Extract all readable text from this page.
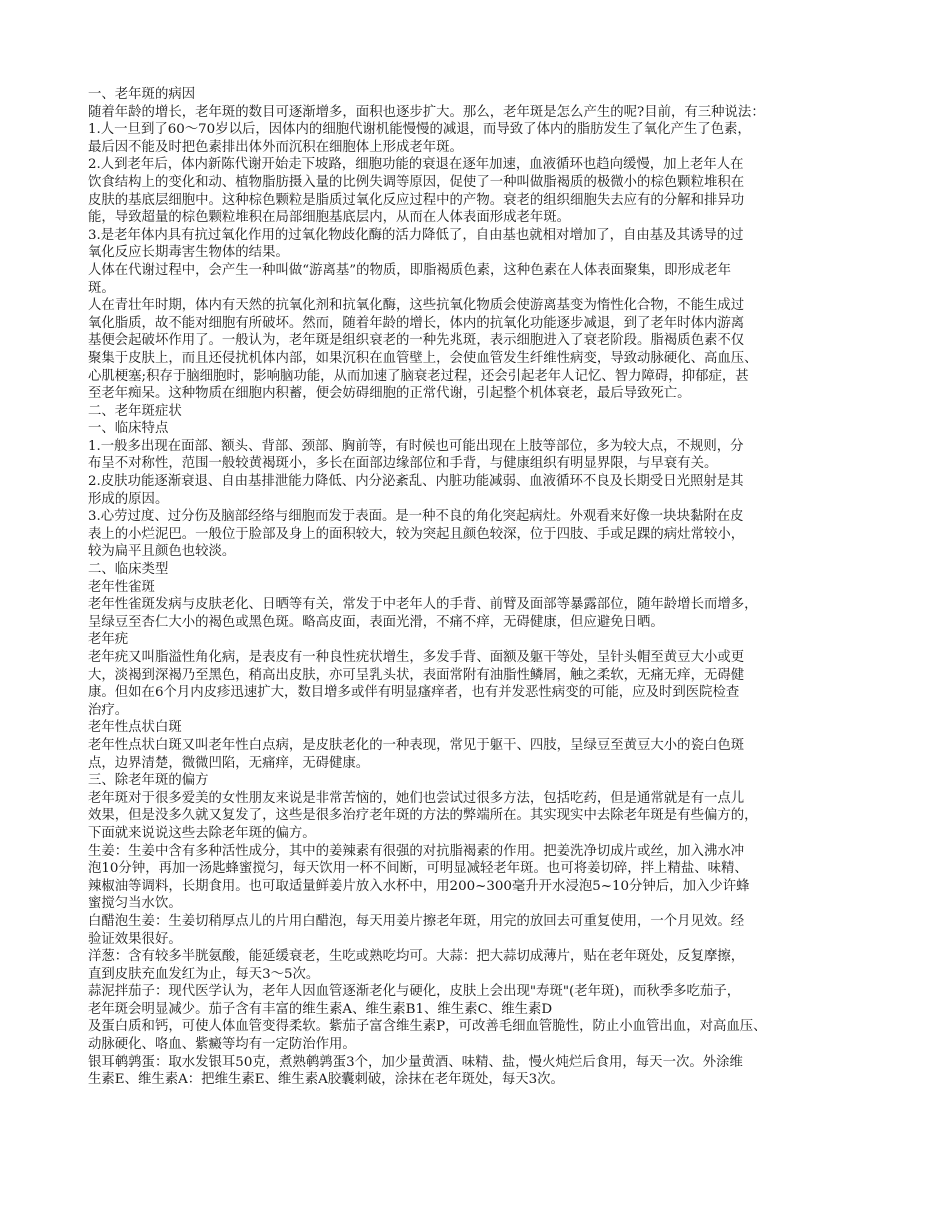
一、老年斑的病因
随着年龄的增长，老年斑的数目可逐渐增多，面积也逐步扩大。那么，老年斑是怎么产生的呢?目前，有三种说法：
1.人一旦到了60～70岁以后，因体内的细胞代谢机能慢慢的减退，而导致了体内的脂肪发生了氧化产生了色素，
最后因不能及时把色素排出体外而沉积在细胞体上形成老年斑。
2.人到老年后，体内新陈代谢开始走下坡路，细胞功能的衰退在逐年加速，血液循环也趋向缓慢，加上老年人在
饮食结构上的变化和动、植物脂肪摄入量的比例失调等原因，促使了一种叫做脂褐质的极微小的棕色颗粒堆积在
皮肤的基底层细胞中。这种棕色颗粒是脂质过氧化反应过程中的产物。衰老的组织细胞失去应有的分解和排异功
能，导致超量的棕色颗粒堆积在局部细胞基底层内，从而在人体表面形成老年斑。
3.是老年体内具有抗过氧化作用的过氧化物歧化酶的活力降低了，自由基也就相对增加了，自由基及其诱导的过
氧化反应长期毒害生物体的结果。
人体在代谢过程中，会产生一种叫做“游离基”的物质，即脂褐质色素，这种色素在人体表面聚集，即形成老年
斑。
人在青壮年时期，体内有天然的抗氧化剂和抗氧化酶，这些抗氧化物质会使游离基变为惰性化合物，不能生成过
氧化脂质，故不能对细胞有所破坏。然而，随着年龄的增长，体内的抗氧化功能逐步减退，到了老年时体内游离
基便会起破坏作用了。一般认为，老年斑是组织衰老的一种先兆斑，表示细胞进入了衰老阶段。脂褐质色素不仅
聚集于皮肤上，而且还侵扰机体内部，如果沉积在血管壁上，会使血管发生纤维性病变，导致动脉硬化、高血压、
心肌梗塞;积存于脑细胞时，影响脑功能，从而加速了脑衰老过程，还会引起老年人记忆、智力障碍，抑郁症，甚
至老年痴呆。这种物质在细胞内积蓄，便会妨碍细胞的正常代谢，引起整个机体衰老，最后导致死亡。
二、老年斑症状
一、临床特点
1.一般多出现在面部、额头、背部、颈部、胸前等，有时候也可能出现在上肢等部位，多为较大点，不规则，分
布呈不对称性，范围一般较黄褐斑小，多长在面部边缘部位和手背，与健康组织有明显界限，与早衰有关。
2.皮肤功能逐渐衰退、自由基排泄能力降低、内分泌紊乱、内脏功能减弱、血液循环不良及长期受日光照射是其
形成的原因。
3.心劳过度、过分伤及脑部经络与细胞而发于表面。是一种不良的角化突起病灶。外观看来好像一块块黏附在皮
表上的小烂泥巴。一般位于脸部及身上的面积较大，较为突起且颜色较深，位于四肢、手或足踝的病灶常较小，
较为扁平且颜色也较淡。
二、临床类型
老年性雀斑
老年性雀斑发病与皮肤老化、日晒等有关，常发于中老年人的手背、前臂及面部等暴露部位，随年龄增长而增多，
呈绿豆至杏仁大小的褐色或黑色斑。略高皮面，表面光滑，不痛不痒，无碍健康，但应避免日晒。
老年疣
老年疣又叫脂溢性角化病，是表皮有一种良性疣状增生，多发手背、面额及躯干等处，呈针头帽至黄豆大小或更
大，淡褐到深褐乃至黑色，稍高出皮肤，亦可呈乳头状，表面常附有油脂性鳞屑，触之柔软，无痛无痒，无碍健
康。但如在6个月内皮疹迅速扩大，数目增多或伴有明显瘙痒者，也有并发恶性病变的可能，应及时到医院检查
治疗。
老年性点状白斑
老年性点状白斑又叫老年性白点病，是皮肤老化的一种表现，常见于躯干、四肢，呈绿豆至黄豆大小的瓷白色斑
点，边界清楚，微微凹陷，无痛痒，无碍健康。
三、除老年斑的偏方
老年斑对于很多爱美的女性朋友来说是非常苦恼的，她们也尝试过很多方法，包括吃药，但是通常就是有一点儿
效果，但是没多久就又复发了，这些是很多治疗老年斑的方法的弊端所在。其实现实中去除老年斑是有些偏方的，
下面就来说说这些去除老年斑的偏方。
生姜：生姜中含有多种活性成分，其中的姜辣素有很强的对抗脂褐素的作用。把姜洗净切成片或丝，加入沸水冲
泡10分钟，再加一汤匙蜂蜜搅匀，每天饮用一杯不间断，可明显减轻老年斑。也可将姜切碎，拌上精盐、味精、
辣椒油等调料，长期食用。也可取适量鲜姜片放入水杯中，用200~300毫升开水浸泡5~10分钟后，加入少许蜂
蜜搅匀当水饮。
白醋泡生姜：生姜切稍厚点儿的片用白醋泡，每天用姜片擦老年斑，用完的放回去可重复使用，一个月见效。经
验证效果很好。
洋葱：含有较多半胱氨酸，能延缓衰老，生吃或熟吃均可。大蒜：把大蒜切成薄片，贴在老年斑处，反复摩擦，
直到皮肤充血发红为止，每天3～5次。
蒜泥拌茄子：现代医学认为，老年人因血管逐渐老化与硬化，皮肤上会出现"寿斑"(老年斑)，而秋季多吃茄子，
老年斑会明显减少。茄子含有丰富的维生素A、维生素B1、维生素C、维生素D
及蛋白质和钙，可使人体血管变得柔软。紫茄子富含维生素P，可改善毛细血管脆性，防止小血管出血，对高血压、
动脉硬化、咯血、紫癜等均有一定防治作用。
银耳鹌鹑蛋：取水发银耳50克，煮熟鹌鹑蛋3个，加少量黄酒、味精、盐，慢火炖烂后食用，每天一次。外涂维
生素E、维生素A：把维生素E、维生素A胶囊刺破，涂抹在老年斑处，每天3次。
